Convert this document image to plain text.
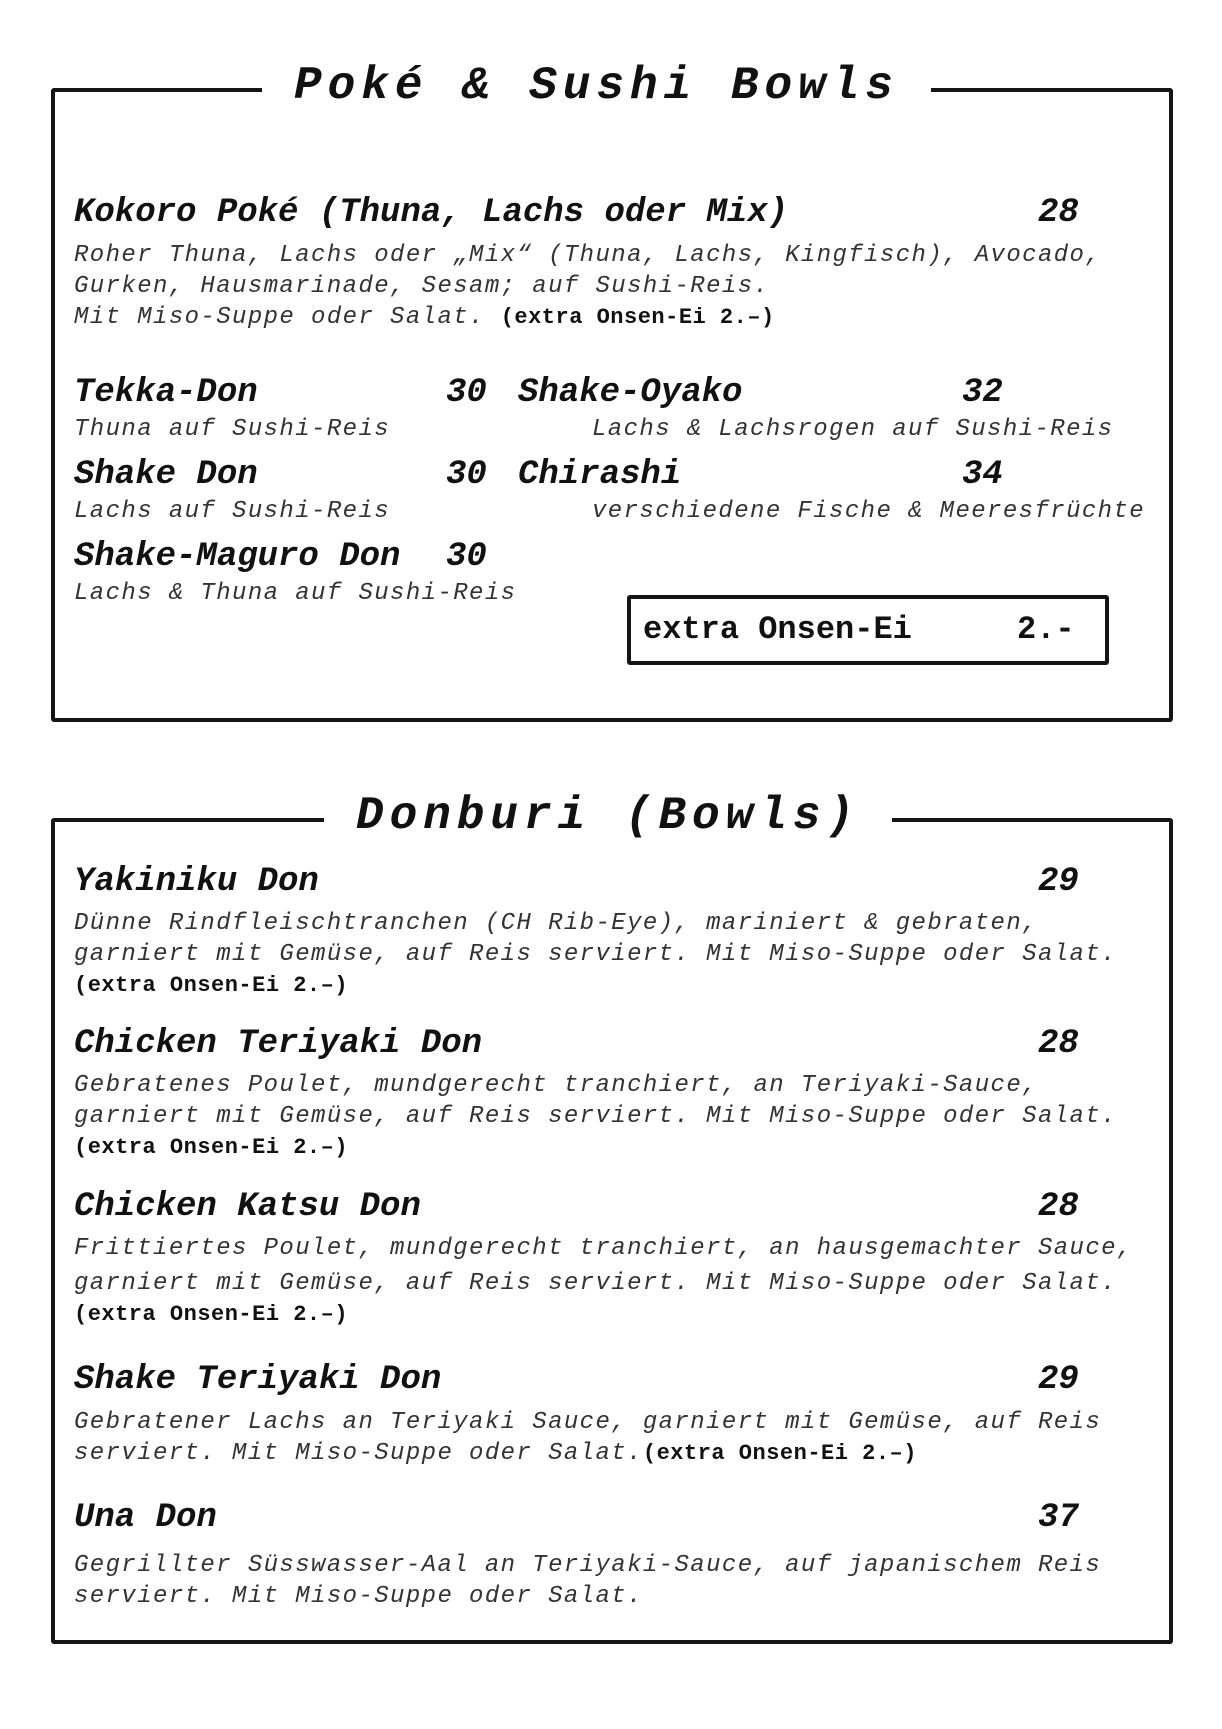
Poké & Sushi Bowls
Kokoro Poké (Thuna, Lachs oder Mix)	28
Roher Thuna, Lachs oder „Mix“ (Thuna, Lachs, Kingfisch), Avocado,
Gurken, Hausmarinade, Sesam; auf Sushi-Reis.
Mit Miso-Suppe oder Salat. (extra Onsen-Ei 2.–)
Tekka-Don	30
Thuna auf Sushi-Reis
Shake-Oyako	32
Lachs & Lachsrogen auf Sushi-Reis
Shake Don	30
Lachs auf Sushi-Reis
Chirashi	34
verschiedene Fische & Meeresfrüchte
Shake-Maguro Don 30
Lachs & Thuna auf Sushi-Reis
extra Onsen-Ei	2.-
Donburi (Bowls)
Yakiniku Don	29
Dünne Rindfleischtranchen (CH Rib-Eye), mariniert & gebraten,
garniert mit Gemüse, auf Reis serviert. Mit Miso-Suppe oder Salat.
(extra Onsen-Ei 2.–)
Chicken Teriyaki Don	28
Gebratenes Poulet, mundgerecht tranchiert, an Teriyaki-Sauce,
garniert mit Gemüse, auf Reis serviert. Mit Miso-Suppe oder Salat.
(extra Onsen-Ei 2.–)
Chicken Katsu Don	28
Frittiertes Poulet, mundgerecht tranchiert, an hausgemachter Sauce,
garniert mit Gemüse, auf Reis serviert. Mit Miso-Suppe oder Salat.
(extra Onsen-Ei 2.–)
Shake Teriyaki Don	29
Gebratener Lachs an Teriyaki Sauce, garniert mit Gemüse, auf Reis
serviert. Mit Miso-Suppe oder Salat.(extra Onsen-Ei 2.–)
Una Don	37
Gegrillter Süsswasser-Aal an Teriyaki-Sauce, auf japanischem Reis
serviert. Mit Miso-Suppe oder Salat.
